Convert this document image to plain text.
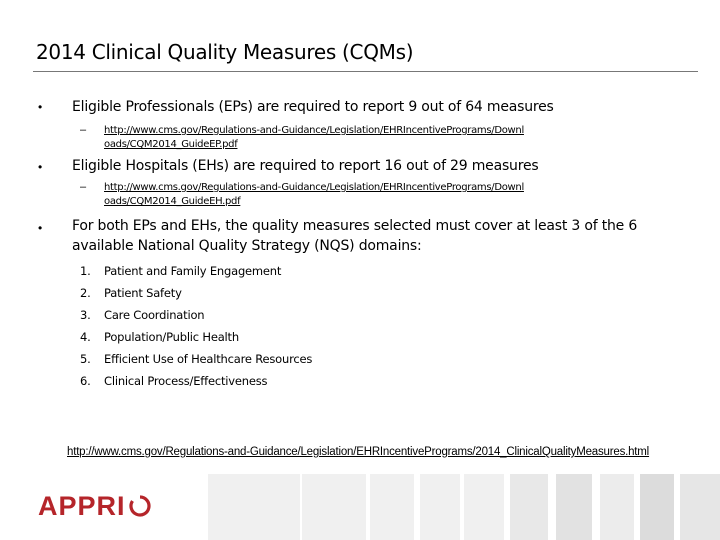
2014 Clinical Quality Measures (CQMs)
• Eligible Professionals (EPs) are required to report 9 out of 64 measures
– http://www.cms.gov/Regulations-and-Guidance/Legislation/EHRIncentivePrograms/Downloads/CQM2014_GuideEP.pdf
• Eligible Hospitals (EHs) are required to report 16 out of 29 measures
– http://www.cms.gov/Regulations-and-Guidance/Legislation/EHRIncentivePrograms/Downloads/CQM2014_GuideEH.pdf
• For both EPs and EHs, the quality measures selected must cover at least 3 of the 6 available National Quality Strategy (NQS) domains:
1. Patient and Family Engagement
2. Patient Safety
3. Care Coordination
4. Population/Public Health
5. Efficient Use of Healthcare Resources
6. Clinical Process/Effectiveness
http://www.cms.gov/Regulations-and-Guidance/Legislation/EHRIncentivePrograms/2014_ClinicalQualityMeasures.html
APPRI
